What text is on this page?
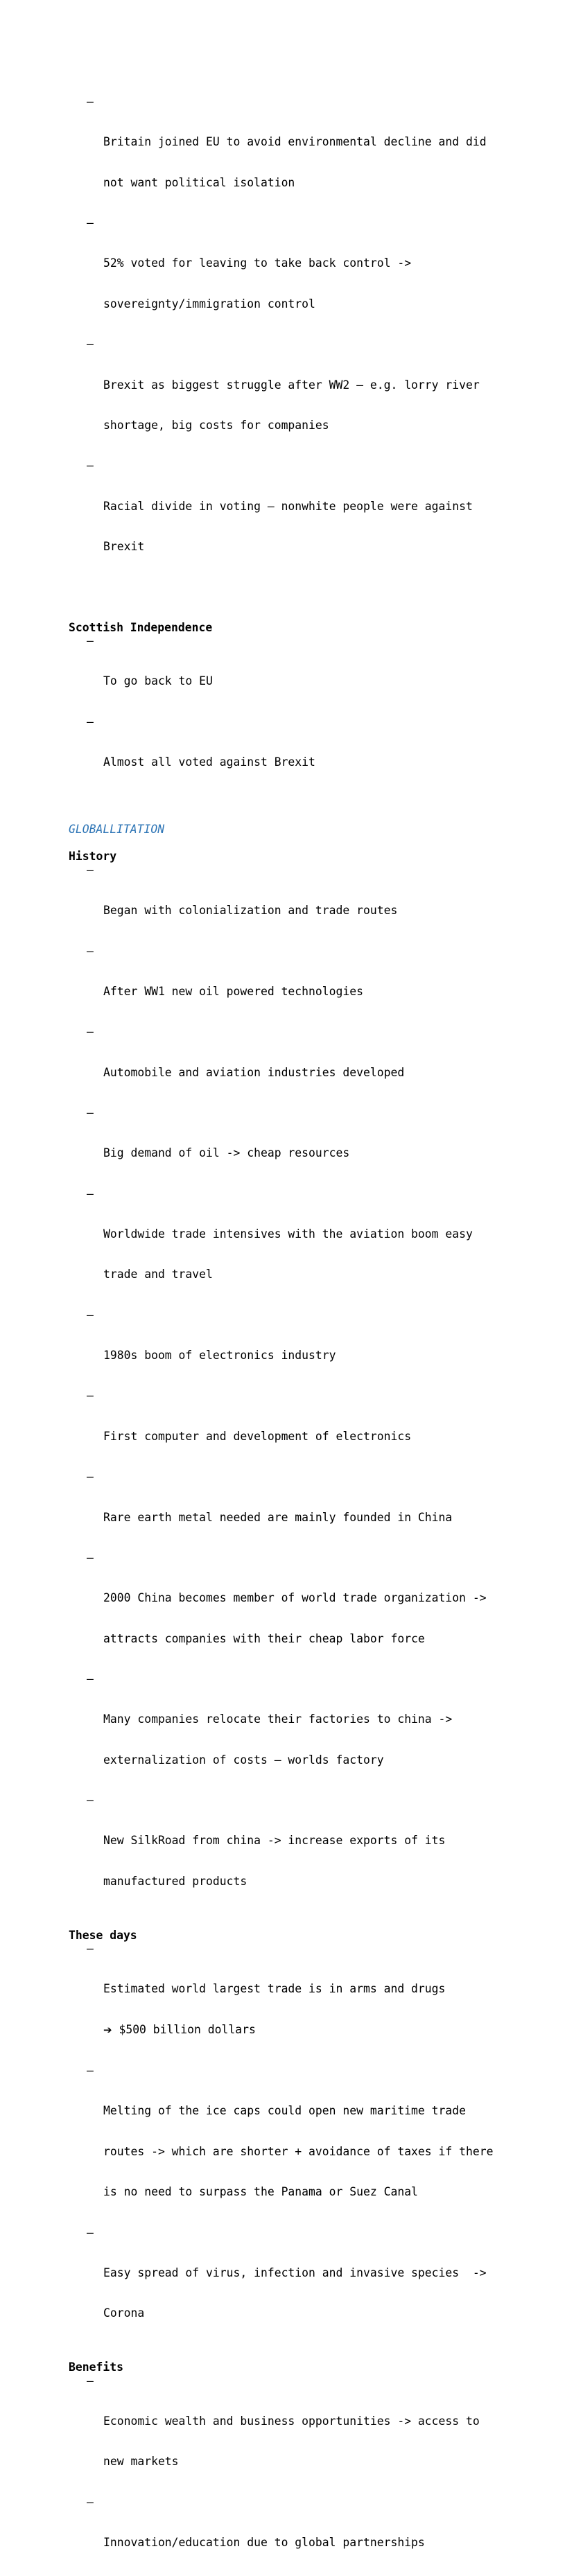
–

Britain joined EU to avoid environmental decline and did

not want political isolation

–

52% voted for leaving to take back control ->

sovereignty/immigration control

–

Brexit as biggest struggle after WW2 – e.g. lorry river

shortage, big costs for companies

–

Racial divide in voting – nonwhite people were against

Brexit

Scottish Independence

–

To go back to EU

–

Almost all voted against Brexit

GLOBALLITATION
History

–

Began with colonialization and trade routes

–

After WW1 new oil powered technologies

–

Automobile and aviation industries developed

–

Big demand of oil -> cheap resources

–

Worldwide trade intensives with the aviation boom easy

trade and travel

–

1980s boom of electronics industry

–

First computer and development of electronics

–

Rare earth metal needed are mainly founded in China

–

2000 China becomes member of world trade organization ->

attracts companies with their cheap labor force

–

Many companies relocate their factories to china ->

externalization of costs – worlds factory

–

New SilkRoad from china -> increase exports of its

manufactured products

These days

–

Estimated world largest trade is in arms and drugs

➔ $500 billion dollars

–

Melting of the ice caps could open new maritime trade

routes -> which are shorter + avoidance of taxes if there

is no need to surpass the Panama or Suez Canal

–

Easy spread of virus, infection and invasive species  ->

Corona

Benefits

–

Economic wealth and business opportunities -> access to

new markets

–

Innovation/education due to global partnerships
